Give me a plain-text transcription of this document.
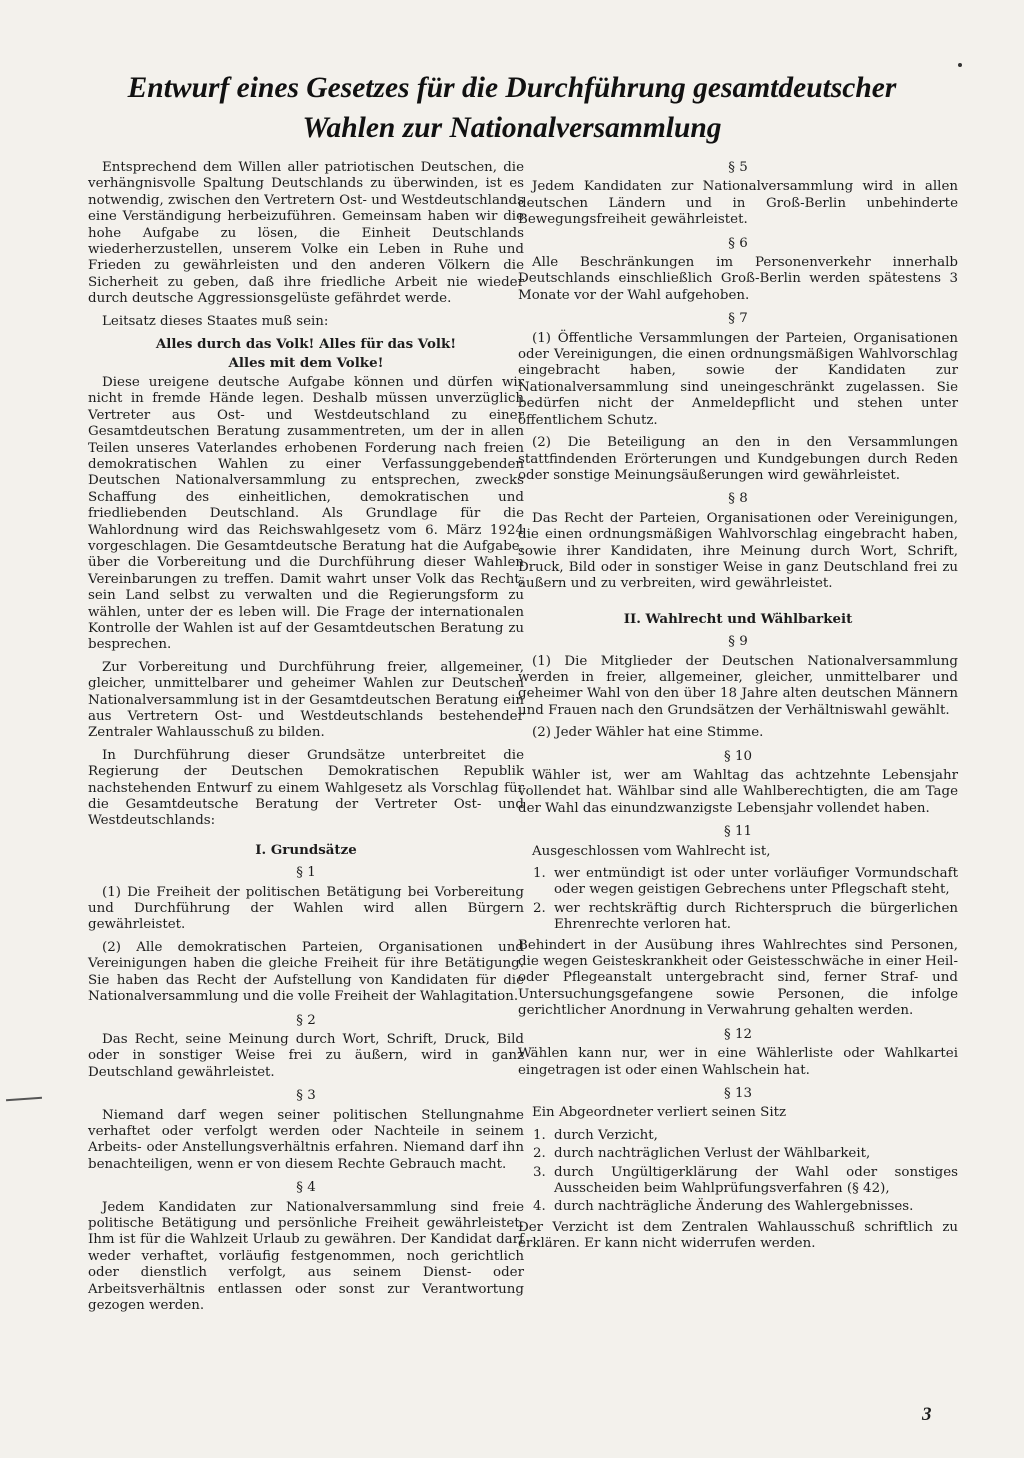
Entwurf eines Gesetzes für die Durchführung gesamtdeutscher
Wahlen zur Nationalversammlung

Entsprechend dem Willen aller patriotischen Deutschen, die verhängnisvolle Spaltung Deutschlands zu überwinden, ist es notwendig, zwischen den Vertretern Ost- und Westdeutschlands eine Verständigung herbeizuführen. Gemeinsam haben wir die hohe Aufgabe zu lösen, die Einheit Deutschlands wiederherzustellen, unserem Volke ein Leben in Ruhe und Frieden zu gewährleisten und den anderen Völkern die Sicherheit zu geben, daß ihre friedliche Arbeit nie wieder durch deutsche Aggressionsgelüste gefährdet werde.

Leitsatz dieses Staates muß sein:

Alles durch das Volk! Alles für das Volk!
Alles mit dem Volke!

Diese ureigene deutsche Aufgabe können und dürfen wir nicht in fremde Hände legen. Deshalb müssen unverzüglich Vertreter aus Ost- und Westdeutschland zu einer Gesamtdeutschen Beratung zusammentreten, um der in allen Teilen unseres Vaterlandes erhobenen Forderung nach freien demokratischen Wahlen zu einer Verfassunggebenden Deutschen Nationalversammlung zu entsprechen, zwecks Schaffung des einheitlichen, demokratischen und friedliebenden Deutschland. Als Grundlage für die Wahlordnung wird das Reichswahlgesetz vom 6. März 1924 vorgeschlagen. Die Gesamtdeutsche Beratung hat die Aufgabe, über die Vorbereitung und die Durchführung dieser Wahlen Vereinbarungen zu treffen. Damit wahrt unser Volk das Recht, sein Land selbst zu verwalten und die Regierungsform zu wählen, unter der es leben will. Die Frage der internationalen Kontrolle der Wahlen ist auf der Gesamtdeutschen Beratung zu besprechen.

Zur Vorbereitung und Durchführung freier, allgemeiner, gleicher, unmittelbarer und geheimer Wahlen zur Deutschen Nationalversammlung ist in der Gesamtdeutschen Beratung ein aus Vertretern Ost- und Westdeutschlands bestehender Zentraler Wahlausschuß zu bilden.

In Durchführung dieser Grundsätze unterbreitet die Regierung der Deutschen Demokratischen Republik nachstehenden Entwurf zu einem Wahlgesetz als Vorschlag für die Gesamtdeutsche Beratung der Vertreter Ost- und Westdeutschlands:

I. Grundsätze
§ 1

(1) Die Freiheit der politischen Betätigung bei Vorbereitung und Durchführung der Wahlen wird allen Bürgern gewährleistet.

(2) Alle demokratischen Parteien, Organisationen und Vereinigungen haben die gleiche Freiheit für ihre Betätigung. Sie haben das Recht der Aufstellung von Kandidaten für die Nationalversammlung und die volle Freiheit der Wahlagitation.

§ 2

Das Recht, seine Meinung durch Wort, Schrift, Druck, Bild oder in sonstiger Weise frei zu äußern, wird in ganz Deutschland gewährleistet.

§ 3

Niemand darf wegen seiner politischen Stellungnahme verhaftet oder verfolgt werden oder Nachteile in seinem Arbeits- oder Anstellungsverhältnis erfahren. Niemand darf ihn benachteiligen, wenn er von diesem Rechte Gebrauch macht.

§ 4

Jedem Kandidaten zur Nationalversammlung sind freie politische Betätigung und persönliche Freiheit gewährleistet. Ihm ist für die Wahlzeit Urlaub zu gewähren. Der Kandidat darf weder verhaftet, vorläufig festgenommen, noch gerichtlich oder dienstlich verfolgt, aus seinem Dienst- oder Arbeitsverhältnis entlassen oder sonst zur Verantwortung gezogen werden.

§ 5

Jedem Kandidaten zur Nationalversammlung wird in allen deutschen Ländern und in Groß-Berlin unbehinderte Bewegungsfreiheit gewährleistet.

§ 6

Alle Beschränkungen im Personenverkehr innerhalb Deutschlands einschließlich Groß-Berlin werden spätestens 3 Monate vor der Wahl aufgehoben.

§ 7

(1) Öffentliche Versammlungen der Parteien, Organisationen oder Vereinigungen, die einen ordnungsmäßigen Wahlvorschlag eingebracht haben, sowie der Kandidaten zur Nationalversammlung sind uneingeschränkt zugelassen. Sie bedürfen nicht der Anmeldepflicht und stehen unter öffentlichem Schutz.

(2) Die Beteiligung an den in den Versammlungen stattfindenden Erörterungen und Kundgebungen durch Reden oder sonstige Meinungsäußerungen wird gewährleistet.

§ 8

Das Recht der Parteien, Organisationen oder Vereinigungen, die einen ordnungsmäßigen Wahlvorschlag eingebracht haben, sowie ihrer Kandidaten, ihre Meinung durch Wort, Schrift, Druck, Bild oder in sonstiger Weise in ganz Deutschland frei zu äußern und zu verbreiten, wird gewährleistet.

II. Wahlrecht und Wählbarkeit
§ 9

(1) Die Mitglieder der Deutschen Nationalversammlung werden in freier, allgemeiner, gleicher, unmittelbarer und geheimer Wahl von den über 18 Jahre alten deutschen Männern und Frauen nach den Grundsätzen der Verhältniswahl gewählt.

(2) Jeder Wähler hat eine Stimme.

§ 10

Wähler ist, wer am Wahltag das achtzehnte Lebensjahr vollendet hat. Wählbar sind alle Wahlberechtigten, die am Tage der Wahl das einundzwanzigste Lebensjahr vollendet haben.

§ 11

Ausgeschlossen vom Wahlrecht ist,

1. wer entmündigt ist oder unter vorläufiger Vormundschaft oder wegen geistigen Gebrechens unter Pflegschaft steht,
2. wer rechtskräftig durch Richterspruch die bürgerlichen Ehrenrechte verloren hat.

Behindert in der Ausübung ihres Wahlrechtes sind Personen, die wegen Geisteskrankheit oder Geistesschwäche in einer Heil- oder Pflegeanstalt untergebracht sind, ferner Straf- und Untersuchungsgefangene sowie Personen, die infolge gerichtlicher Anordnung in Verwahrung gehalten werden.

§ 12

Wählen kann nur, wer in eine Wählerliste oder Wahlkartei eingetragen ist oder einen Wahlschein hat.

§ 13

Ein Abgeordneter verliert seinen Sitz

1. durch Verzicht,
2. durch nachträglichen Verlust der Wählbarkeit,
3. durch Ungültigerklärung der Wahl oder sonstiges Ausscheiden beim Wahlprüfungsverfahren (§ 42),
4. durch nachträgliche Änderung des Wahlergebnisses.

Der Verzicht ist dem Zentralen Wahlausschuß schriftlich zu erklären. Er kann nicht widerrufen werden.

3
